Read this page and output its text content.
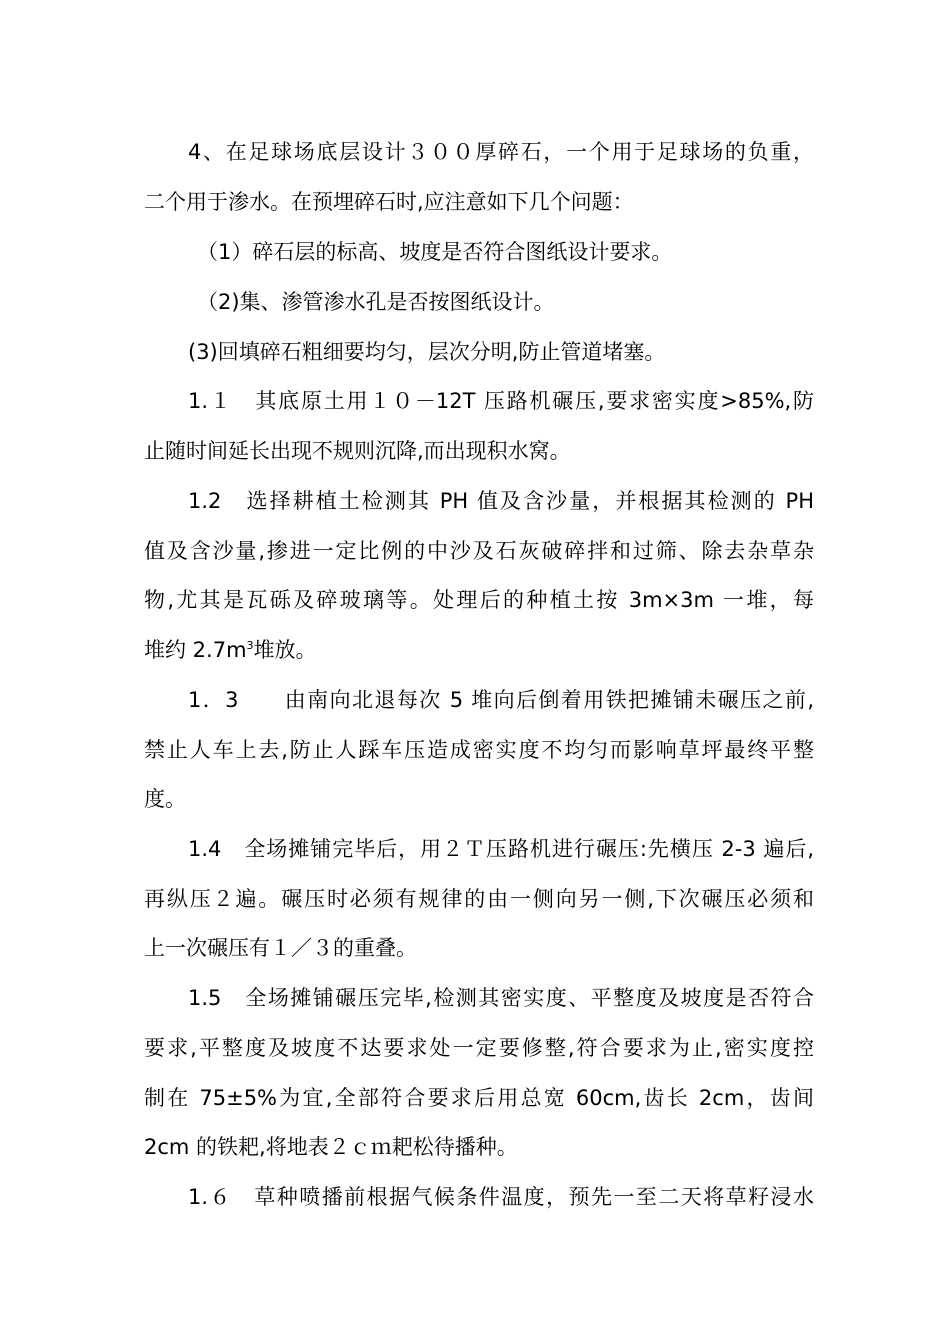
4、在足球场底层设计３００厚碎石，一个用于足球场的负重，
二个用于渗水。在预埋碎石时,应注意如下几个问题：
（1）碎石层的标高、坡度是否符合图纸设计要求。
（2)集、渗管渗水孔是否按图纸设计。
(3)回填碎石粗细要均匀，层次分明,防止管道堵塞。
1.１　其底原土用１０－12T 压路机碾压,要求密实度>85%,防
止随时间延长出现不规则沉降,而出现积水窝。
1.2　选择耕植土检测其 PH 值及含沙量，并根据其检测的 PH
值及含沙量,掺进一定比例的中沙及石灰破碎拌和过筛、除去杂草杂
物,尤其是瓦砾及碎玻璃等。处理后的种植土按 3m×3m 一堆，每
堆约 $2.7m^3$堆放。
1．3　　由南向北退每次 5 堆向后倒着用铁把摊铺未碾压之前,
禁止人车上去,防止人踩车压造成密实度不均匀而影响草坪最终平整
度。
1.4　全场摊铺完毕后，用２Ｔ压路机进行碾压:先横压 2-3 遍后,
再纵压２遍。碾压时必须有规律的由一侧向另一侧,下次碾压必须和
上一次碾压有１／３的重叠。
1.5　全场摊铺碾压完毕,检测其密实度、平整度及坡度是否符合
要求,平整度及坡度不达要求处一定要修整,符合要求为止,密实度控
制在 75±5%为宜,全部符合要求后用总宽 60cm,齿长 2cm，齿间
2cm 的铁耙,将地表２ｃｍ耙松待播种。
1.６　草种喷播前根据气候条件温度，预先一至二天将草籽浸水
